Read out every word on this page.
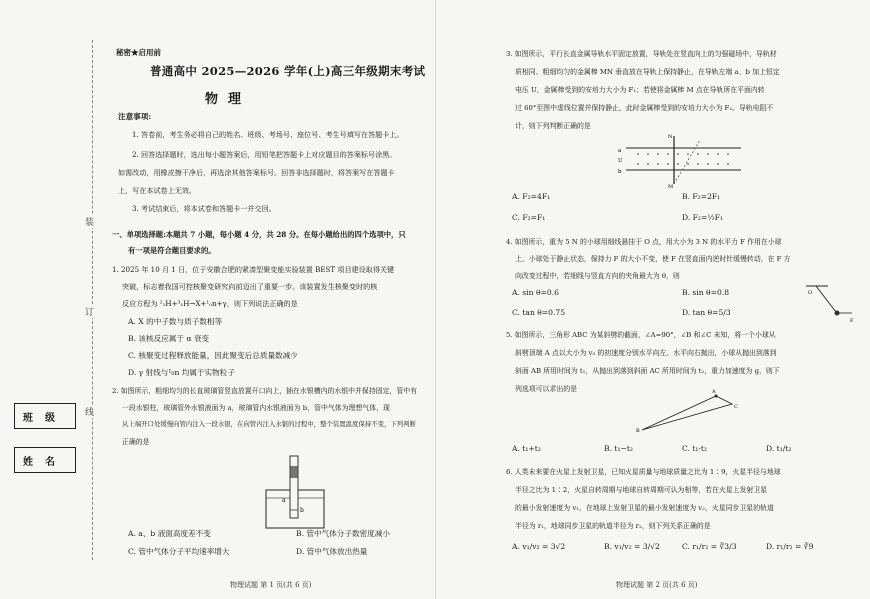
装
订
线
班级
姓名
秘密★启用前
普通高中 2025—2026 学年(上)高三年级期末考试
物理
注意事项:
1. 答卷前，考生务必将自己的姓名、班级、考场号、座位号、考生号填写在答题卡上。
2. 回答选择题时，选出每小题答案后，用铅笔把答题卡上对应题目的答案标号涂黑。
如需改动，用橡皮擦干净后，再选涂其他答案标号。回答非选择题时，将答案写在答题卡
上，写在本试卷上无效。
3. 考试结束后，将本试卷和答题卡一并交回。
一、单项选择题:本题共 7 小题，每小题 4 分，共 28 分。在每小题给出的四个选项中，只
有一项是符合题目要求的。
1. 2025 年 10 月 1 日，位于安徽合肥的紧凑型聚变能实验装置 BEST 项目建设取得关键
突破，标志着我国可控核聚变研究向前迈出了重要一步。该装置发生核聚变时的核
反应方程为 ²₁H+³₁H→X+¹₀n+γ，则下列说法正确的是
A. X 的中子数与质子数相等
B. 该核反应属于 α 衰变
C. 核聚变过程释放能量，因此聚变后总质量数减少
D. γ 射线与¹₀n 均属于实物粒子
2. 如图所示，粗细均匀的长直玻璃管竖直放置开口向上，插在水银槽内的水银中并保持固定，管中有
一段水银柱，玻璃管外水银液面为 a，玻璃管内水银液面为 b，管中气体为理想气体，现
从上端开口处缓慢向管内注入一段水银，在向管内注入水银的过程中，整个装置温度保持不变，下列判断
正确的是
a
b
A. a、b 液面高度差不变	B. 管中气体分子数密度减小
C. 管中气体分子平均速率增大	D. 管中气体放出热量
物理试题 第 1 页(共 6 页)
3. 如图所示，平行长直金属导轨水平固定放置，导轨处在竖直向上的匀强磁场中，导轨材
质相同、粗细均匀的金属棒 MN 垂直放在导轨上保持静止，在导轨左端 a、b 加上恒定
电压 U，金属棒受到的安培力大小为 F₁；若使将金属棒 M 点在导轨所在平面内转
过 60°至图中虚线位置并保持静止，此时金属棒受到的安培力大小为 F₂。导轨电阻不
计，则下列判断正确的是
a
U
b
N
M
A. F₂=4F₁	B. F₂=2F₁
C. F₂=F₁	D. F₂=½F₁
4. 如图所示，重为 5 N 的小球用细线悬挂于 O 点，用大小为 3 N 的水平力 F 作用在小球
上，小球处于静止状态，保持力 F 的大小不变，使 F 在竖直面内逆时针缓慢转动，在 F 方
向改变过程中，若细线与竖直方向的夹角最大为 θ，则
A. sin θ=0.6	B. sin θ=0.8
C. tan θ=0.75	D. tan θ=5/3
O
F
5. 如图所示，三角形 ABC 为某斜劈的截面，∠A=90°，∠B 和∠C 未知，将一个小球从
斜劈顶端 A 点以大小为 v₀ 的初速度分别水平向左、水平向右抛出，小球从抛出到落到
斜面 AB 所用时间为 t₁，从抛出到落到斜面 AC 所用时间为 t₂，重力加速度为 g，则下
列选项可以求出的是
B
A
C
A. t₁+t₂	B. t₁−t₂	C. t₁·t₂	D. t₁/t₂
6. 人类未来要在火星上发射卫星，已知火星质量与地球质量之比为 1∶9，火星半径与地球
半径之比为 1∶2，火星自转周期与地球自转周期可认为相等，若在火星上发射卫星
的最小发射速度为 v₁，在地球上发射卫星的最小发射速度为 v₂，火星同步卫星的轨道
半径为 r₁，地球同步卫星的轨道半径为 r₂，则下列关系正确的是
A. v₁/v₂ = 3√2	B. v₁/v₂ = 3/√2	C. r₁/r₂ = ∛3/3	D. r₁/r₂ = ∛9
物理试题 第 2 页(共 6 页)
